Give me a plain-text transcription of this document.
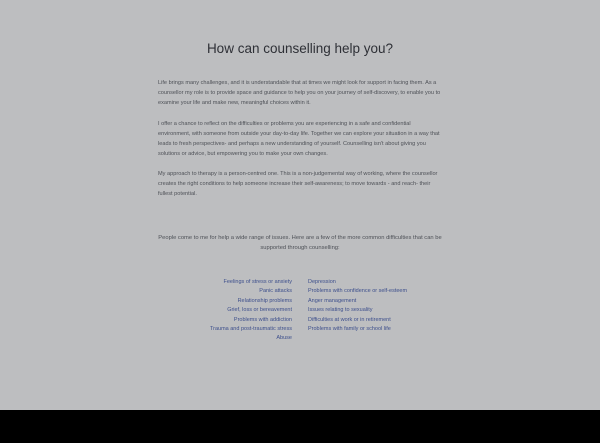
How can counselling help you?

Life brings many challenges, and it is understandable that at times we might look for support in facing them. As a counsellor my role is to provide space and guidance to help you on your journey of self-discovery, to enable you to examine your life and make new, meaningful choices within it.

I offer a chance to reflect on the difficulties or problems you are experiencing in a safe and confidential environment, with someone from outside your day-to-day life. Together we can explore your situation in a way that leads to fresh perspectives- and perhaps a new understanding of yourself. Counselling isn't about giving you solutions or advice, but empowering you to make your own changes.

My approach to therapy is a person-centred one. This is a non-judgemental way of working, where the counsellor creates the right conditions to help someone increase their self-awareness; to move towards - and reach- their fullest potential.

People come to me for help a wide range of issues. Here are a few of the more common difficulties that can be supported through counselling:

Feelings of stress or anxiety
Panic attacks
Relationship problems
Grief, loss or bereavement
Problems with addiction
Trauma and post-traumatic stress
Abuse
Depression
Problems with confidence or self-esteem
Anger management
Issues relating to sexuality
Difficulties at work or in retirement
Problems with family or school life
